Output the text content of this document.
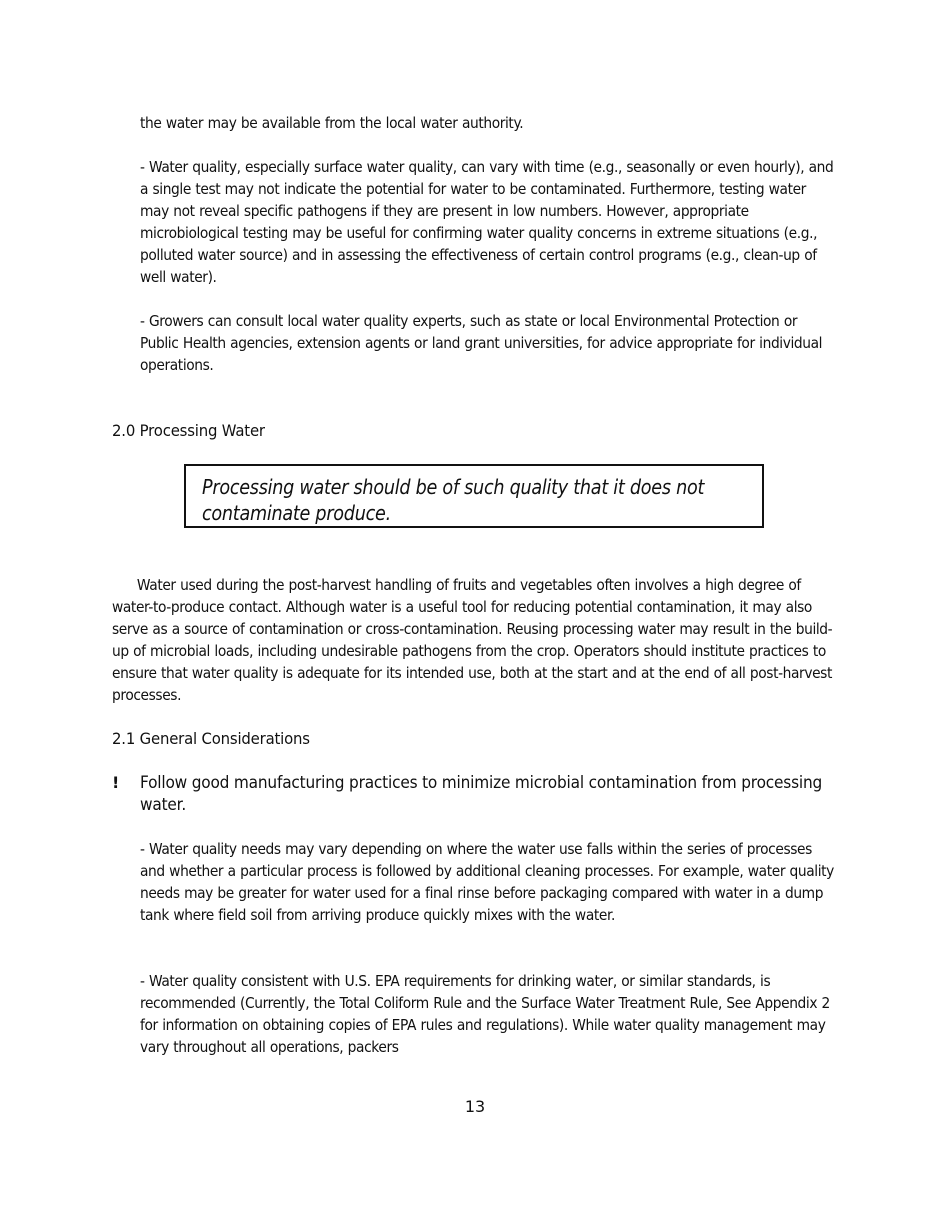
the water may be available from the local water authority.
- Water quality, especially surface water quality, can vary with time (e.g., seasonally or even hourly), and a single test may not indicate the potential for water to be contaminated. Furthermore, testing water may not reveal specific pathogens if they are present in low numbers. However, appropriate microbiological testing may be useful for confirming water quality concerns in extreme situations (e.g., polluted water source) and in assessing the effectiveness of certain control programs (e.g., clean-up of well water).
- Growers can consult local water quality experts, such as state or local Environmental Protection or Public Health agencies, extension agents or land grant universities, for advice appropriate for individual operations.
2.0 Processing Water
Processing water should be of such quality that it does not contaminate produce.
Water used during the post-harvest handling of fruits and vegetables often involves a high degree of water-to-produce contact. Although water is a useful tool for reducing potential contamination, it may also serve as a source of contamination or cross-contamination. Reusing processing water may result in the build-up of microbial loads, including undesirable pathogens from the crop. Operators should institute practices to ensure that water quality is adequate for its intended use, both at the start and at the end of all post-harvest processes.
2.1 General Considerations
! Follow good manufacturing practices to minimize microbial contamination from processing water.
- Water quality needs may vary depending on where the water use falls within the series of processes and whether a particular process is followed by additional cleaning processes. For example, water quality needs may be greater for water used for a final rinse before packaging compared with water in a dump tank where field soil from arriving produce quickly mixes with the water.
- Water quality consistent with U.S. EPA requirements for drinking water, or similar standards, is recommended (Currently, the Total Coliform Rule and the Surface Water Treatment Rule, See Appendix 2 for information on obtaining copies of EPA rules and regulations). While water quality management may vary throughout all operations, packers
13
